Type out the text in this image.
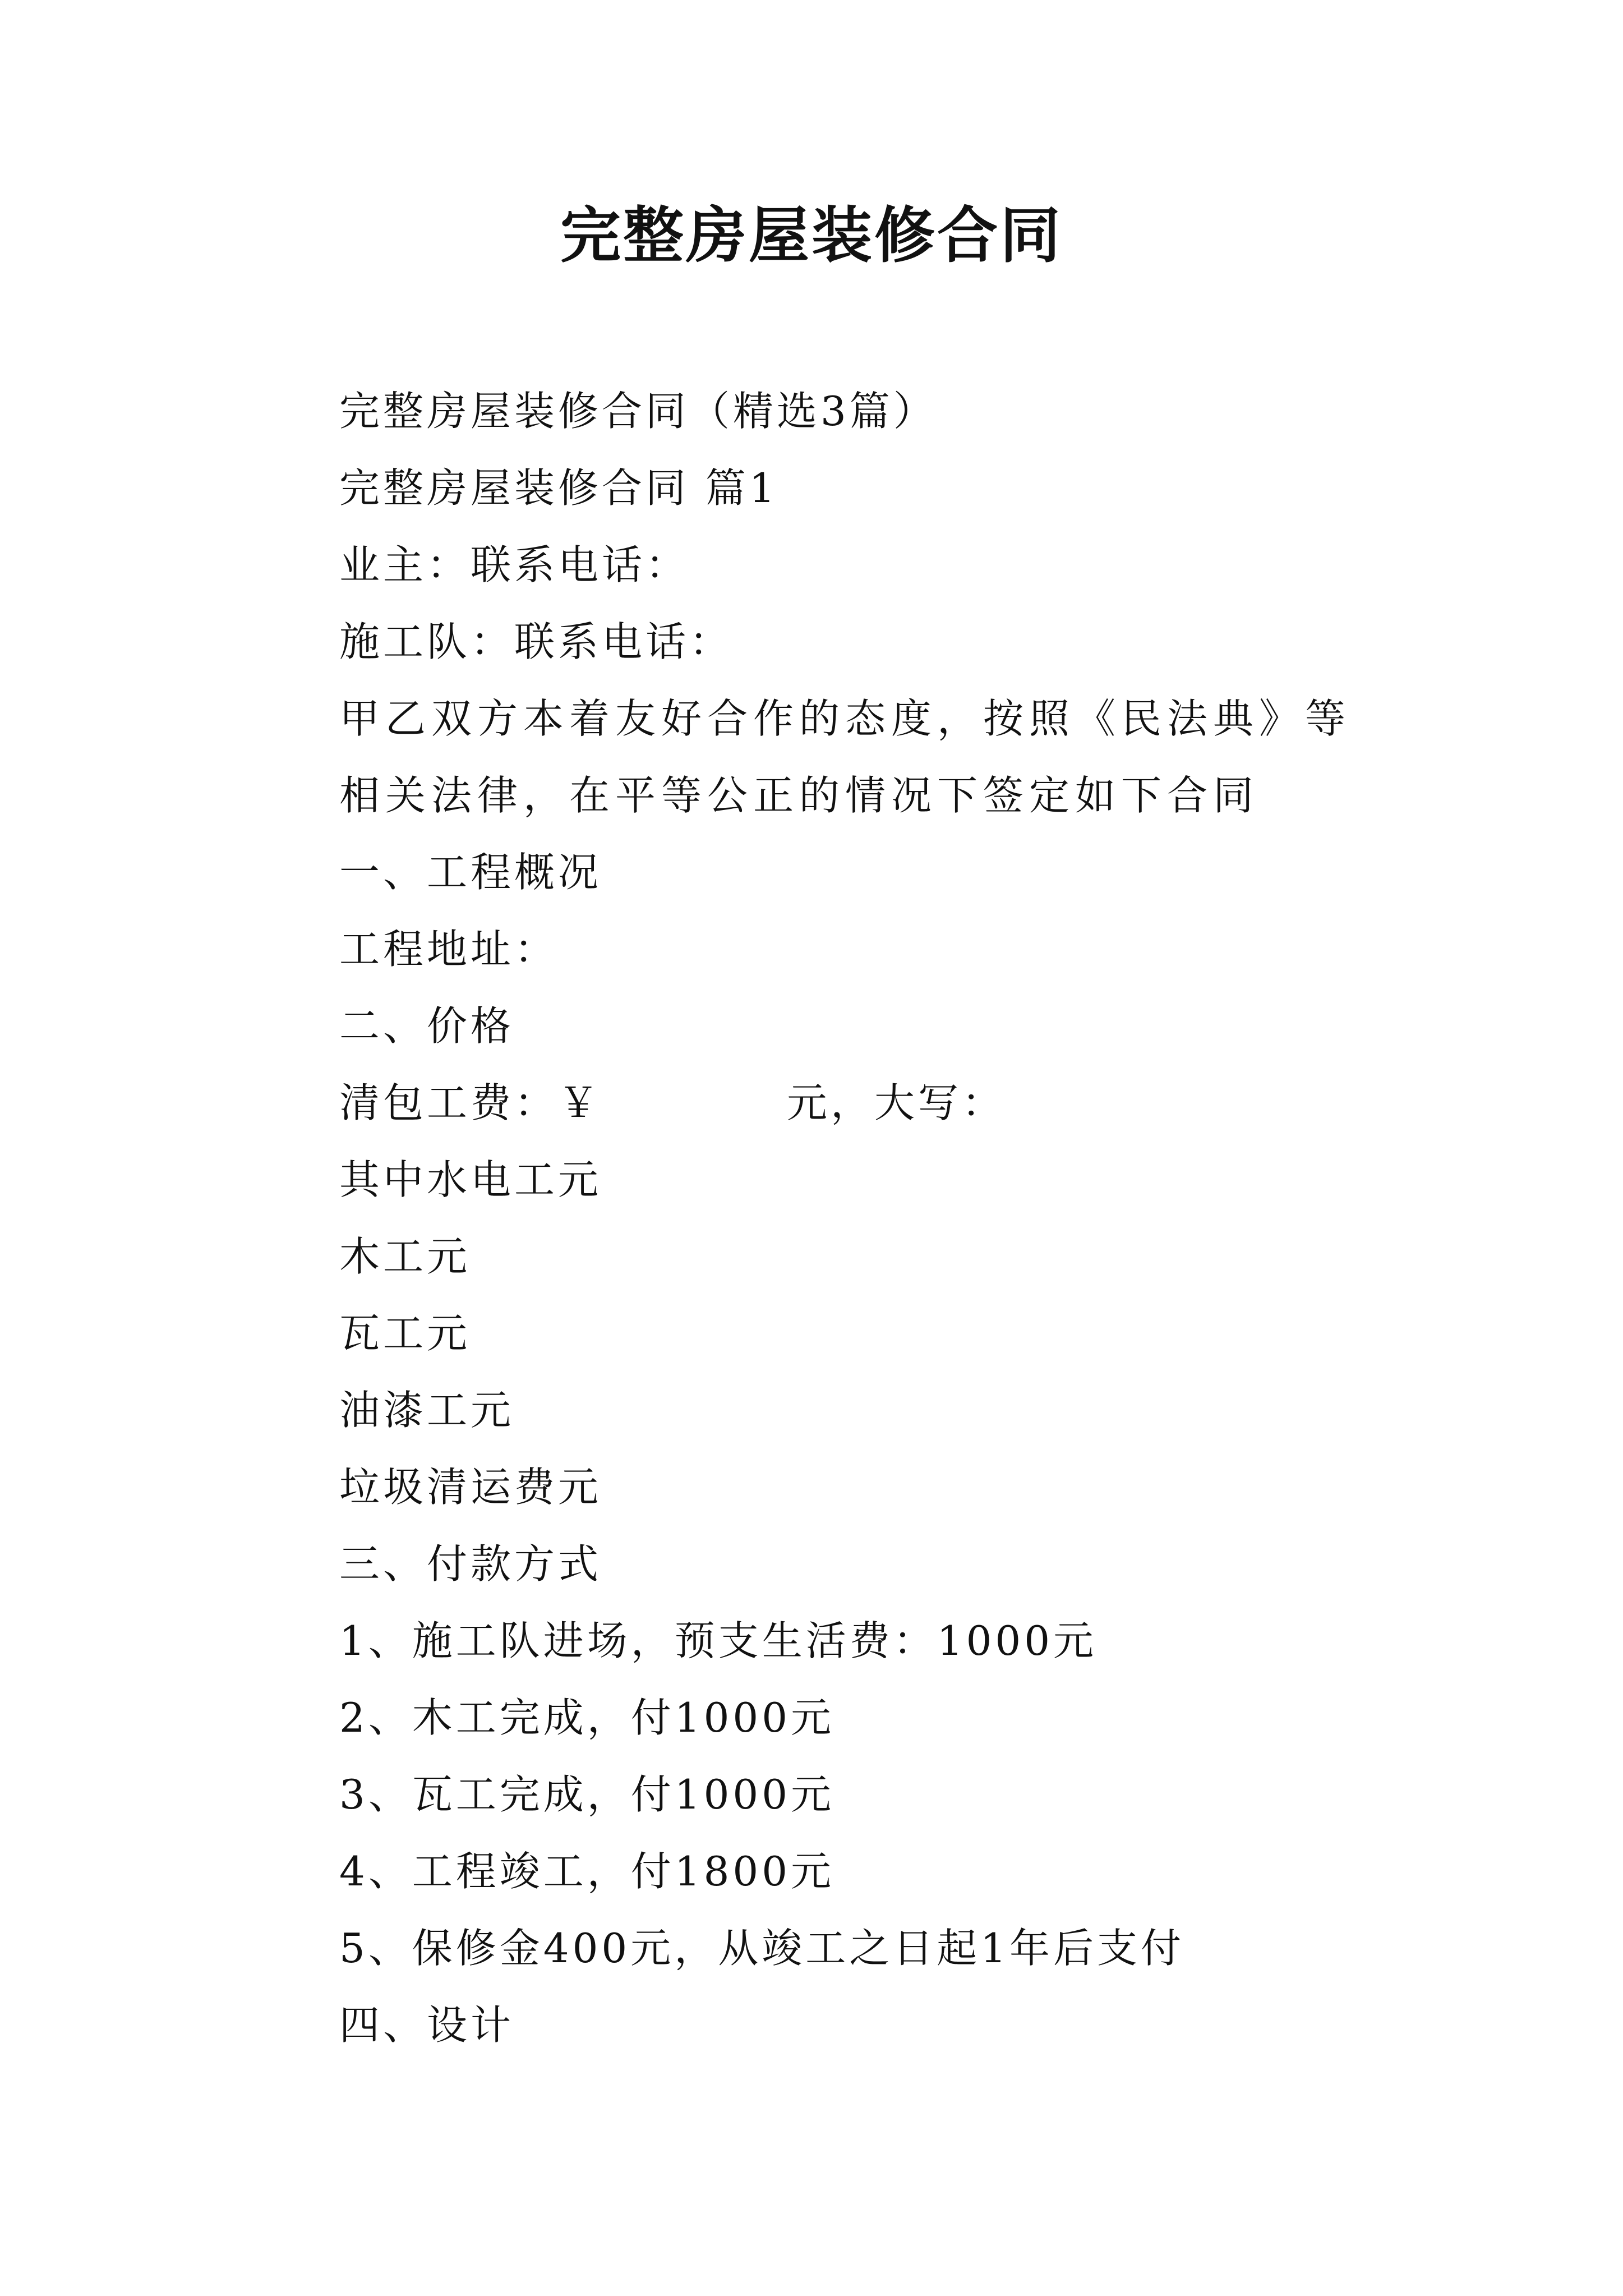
完整房屋装修合同
完整房屋装修合同（精选3篇）
完整房屋装修合同 篇1
业主：联系电话：
施工队：联系电话：
甲乙双方本着友好合作的态度，按照《民法典》等相关法律，在平等公正的情况下签定如下合同
一、工程概况
工程地址：
二、价格
清包工费：￥	元，大写：
其中水电工元
木工元
瓦工元
油漆工元
垃圾清运费元
三、付款方式
1、施工队进场，预支生活费：1000元
2、木工完成，付1000元
3、瓦工完成，付1000元
4、工程竣工，付1800元
5、保修金400元，从竣工之日起1年后支付
四、设计
